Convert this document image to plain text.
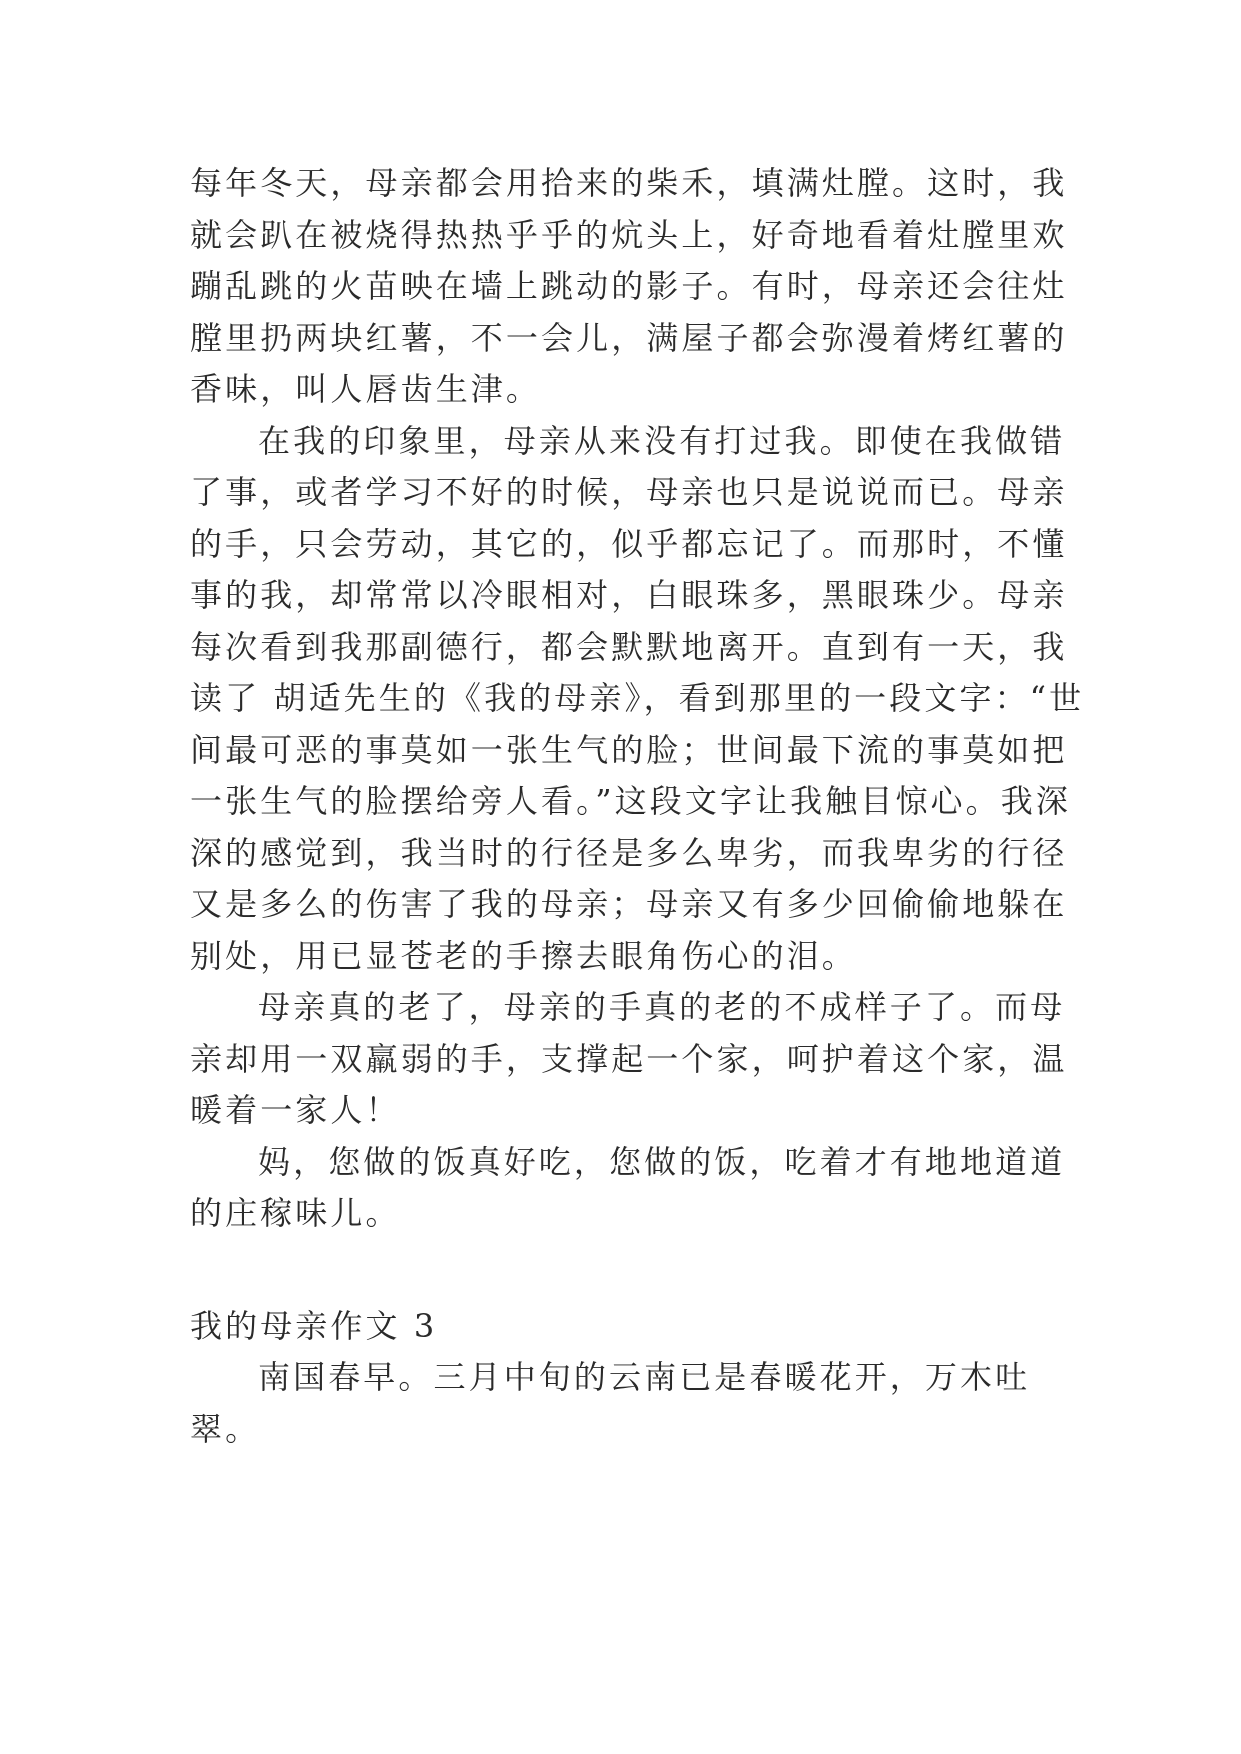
每年冬天，母亲都会用拾来的柴禾，填满灶膛。这时，我就会趴在被烧得热热乎乎的炕头上，好奇地看着灶膛里欢蹦乱跳的火苗映在墙上跳动的影子。有时，母亲还会往灶膛里扔两块红薯，不一会儿，满屋子都会弥漫着烤红薯的香味，叫人唇齿生津。

在我的印象里，母亲从来没有打过我。即使在我做错了事，或者学习不好的时候，母亲也只是说说而已。母亲的手，只会劳动，其它的，似乎都忘记了。而那时，不懂事的我，却常常以冷眼相对，白眼珠多，黑眼珠少。母亲每次看到我那副德行，都会默默地离开。直到有一天，我读了 胡适先生的《我的母亲》，看到那里的一段文字：“世间最可恶的事莫如一张生气的脸；世间最下流的事莫如把一张生气的脸摆给旁人看。”这段文字让我触目惊心。我深深的感觉到，我当时的行径是多么卑劣，而我卑劣的行径又是多么的伤害了我的母亲；母亲又有多少回偷偷地躲在别处，用已显苍老的手擦去眼角伤心的泪。

母亲真的老了，母亲的手真的老的不成样子了。而母亲却用一双羸弱的手，支撑起一个家，呵护着这个家，温暖着一家人！

妈，您做的饭真好吃，您做的饭，吃着才有地地道道的庄稼味儿。

我的母亲作文 3

南国春早。三月中旬的云南已是春暖花开，万木吐翠。
